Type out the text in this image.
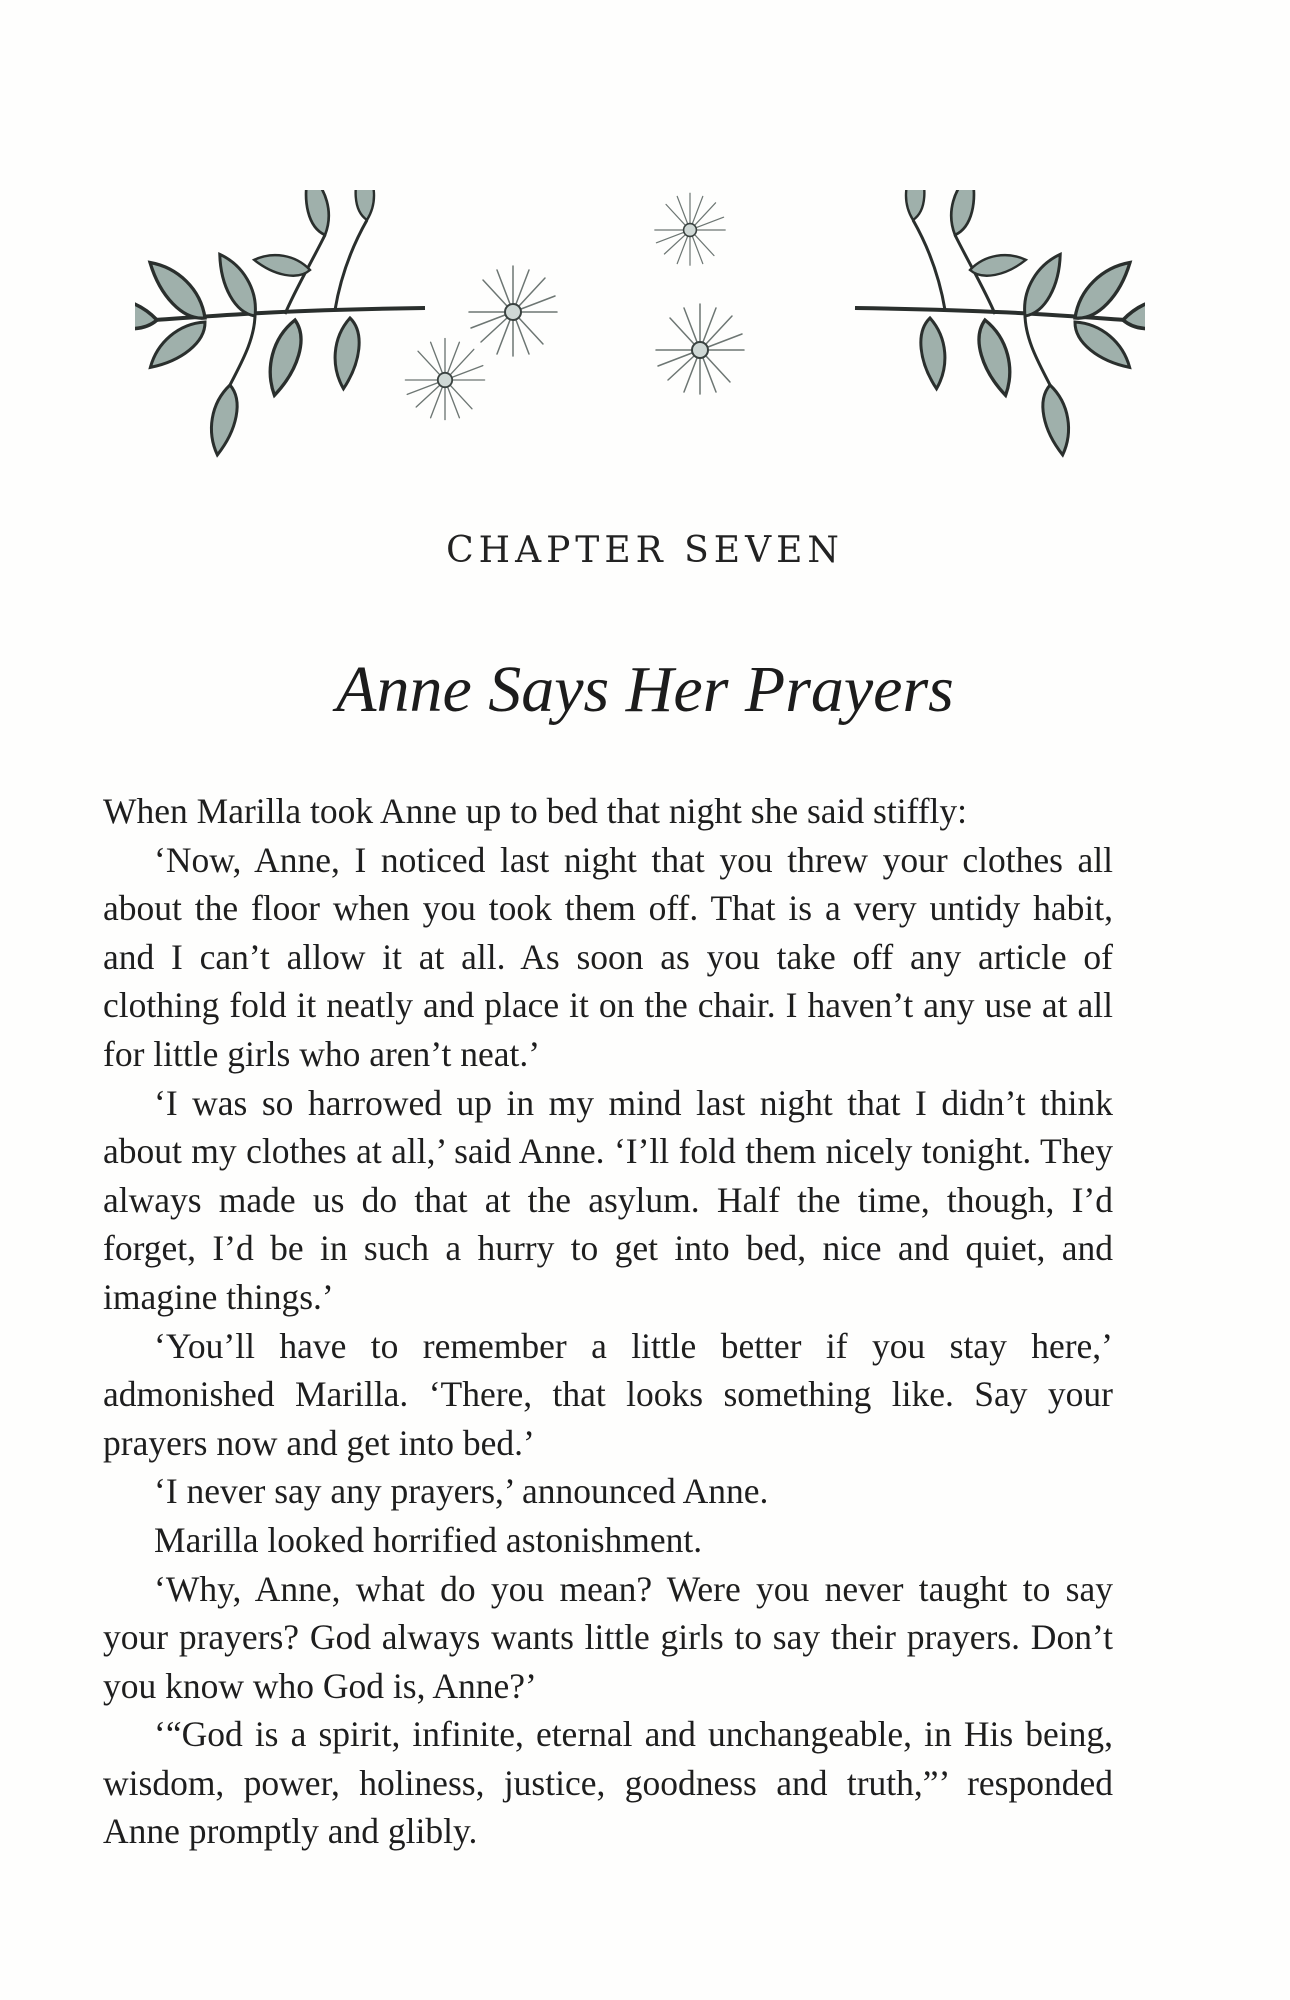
CHAPTER SEVEN
Anne Says Her Prayers

When Marilla took Anne up to bed that night she said stiffly:

‘Now, Anne, I noticed last night that you threw your clothes all about the floor when you took them off. That is a very untidy habit, and I can’t allow it at all. As soon as you take off any article of clothing fold it neatly and place it on the chair. I haven’t any use at all for little girls who aren’t neat.’

‘I was so harrowed up in my mind last night that I didn’t think about my clothes at all,’ said Anne. ‘I’ll fold them nicely tonight. They always made us do that at the asylum. Half the time, though, I’d forget, I’d be in such a hurry to get into bed, nice and quiet, and imagine things.’

‘You’ll have to remember a little better if you stay here,’ admonished Marilla. ‘There, that looks something like. Say your prayers now and get into bed.’

‘I never say any prayers,’ announced Anne.

Marilla looked horrified astonishment.

‘Why, Anne, what do you mean? Were you never taught to say your prayers? God always wants little girls to say their prayers. Don’t you know who God is, Anne?’

‘“God is a spirit, infinite, eternal and unchangeable, in His being, wisdom, power, holiness, justice, goodness and truth,”’ responded Anne promptly and glibly.
